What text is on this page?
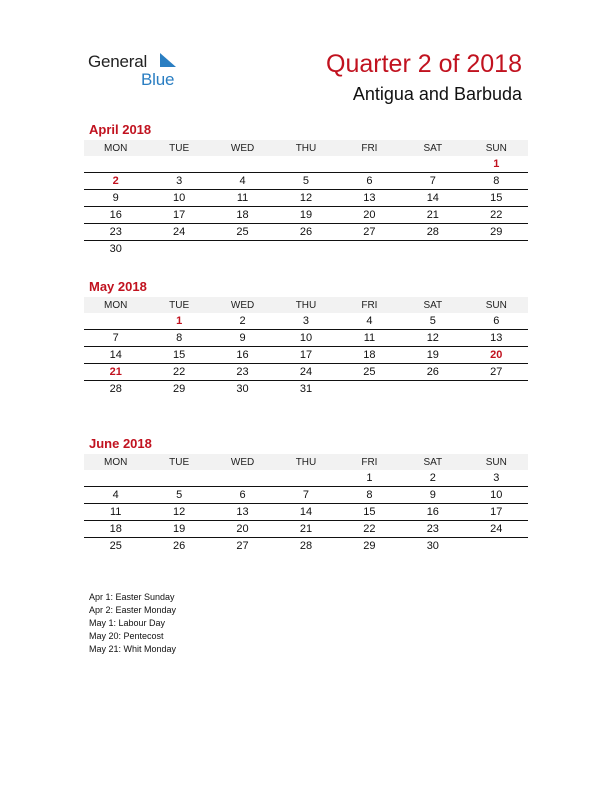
General
Blue
Quarter 2 of 2018
Antigua and Barbuda
April 2018
MON	TUE	WED	THU	FRI	SAT	SUN
						1
2	3	4	5	6	7	8
9	10	11	12	13	14	15
16	17	18	19	20	21	22
23	24	25	26	27	28	29
30						
May 2018
MON	TUE	WED	THU	FRI	SAT	SUN
	1	2	3	4	5	6
7	8	9	10	11	12	13
14	15	16	17	18	19	20
21	22	23	24	25	26	27
28	29	30	31			
June 2018
MON	TUE	WED	THU	FRI	SAT	SUN
				1	2	3
4	5	6	7	8	9	10
11	12	13	14	15	16	17
18	19	20	21	22	23	24
25	26	27	28	29	30	
Apr 1: Easter Sunday
Apr 2: Easter Monday
May 1: Labour Day
May 20: Pentecost
May 21: Whit Monday
